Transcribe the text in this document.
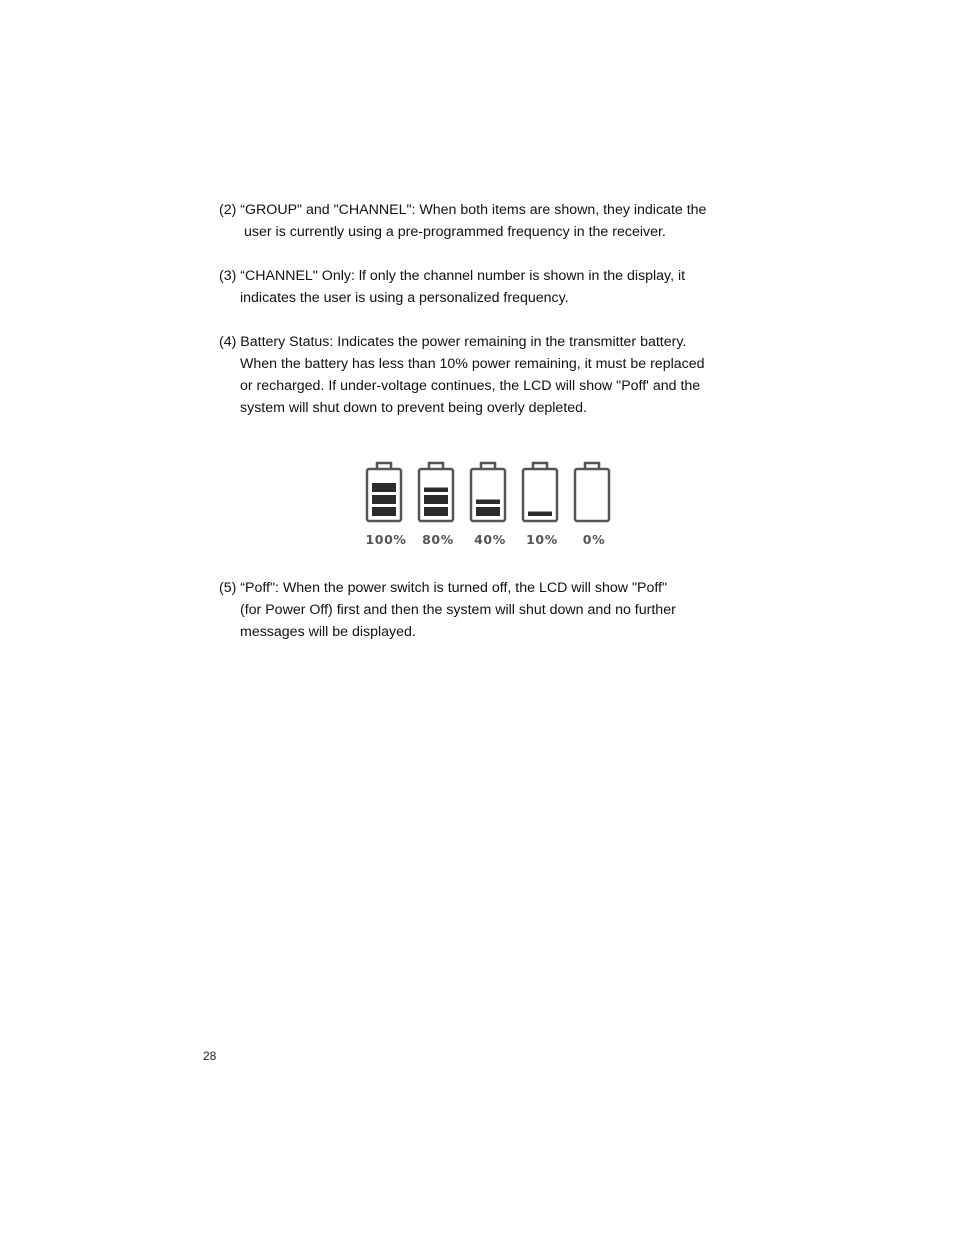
(2) “GROUP" and "CHANNEL": When both items are shown, they indicate the
user is currently using a pre-programmed frequency in the receiver.

(3) “CHANNEL" Only: lf only the channel number is shown in the display, it
indicates the user is using a personalized frequency.

(4) Battery Status: Indicates the power remaining in the transmitter battery.
When the battery has less than 10% power remaining, it must be replaced
or recharged. If under-voltage continues, the LCD will show "Poff' and the
system will shut down to prevent being overly depleted.

100%	80%	40%	10%	0%

(5) “Poff": When the power switch is turned off, the LCD will show "Poff"
(for Power Off) first and then the system will shut down and no further
messages will be displayed.

28
